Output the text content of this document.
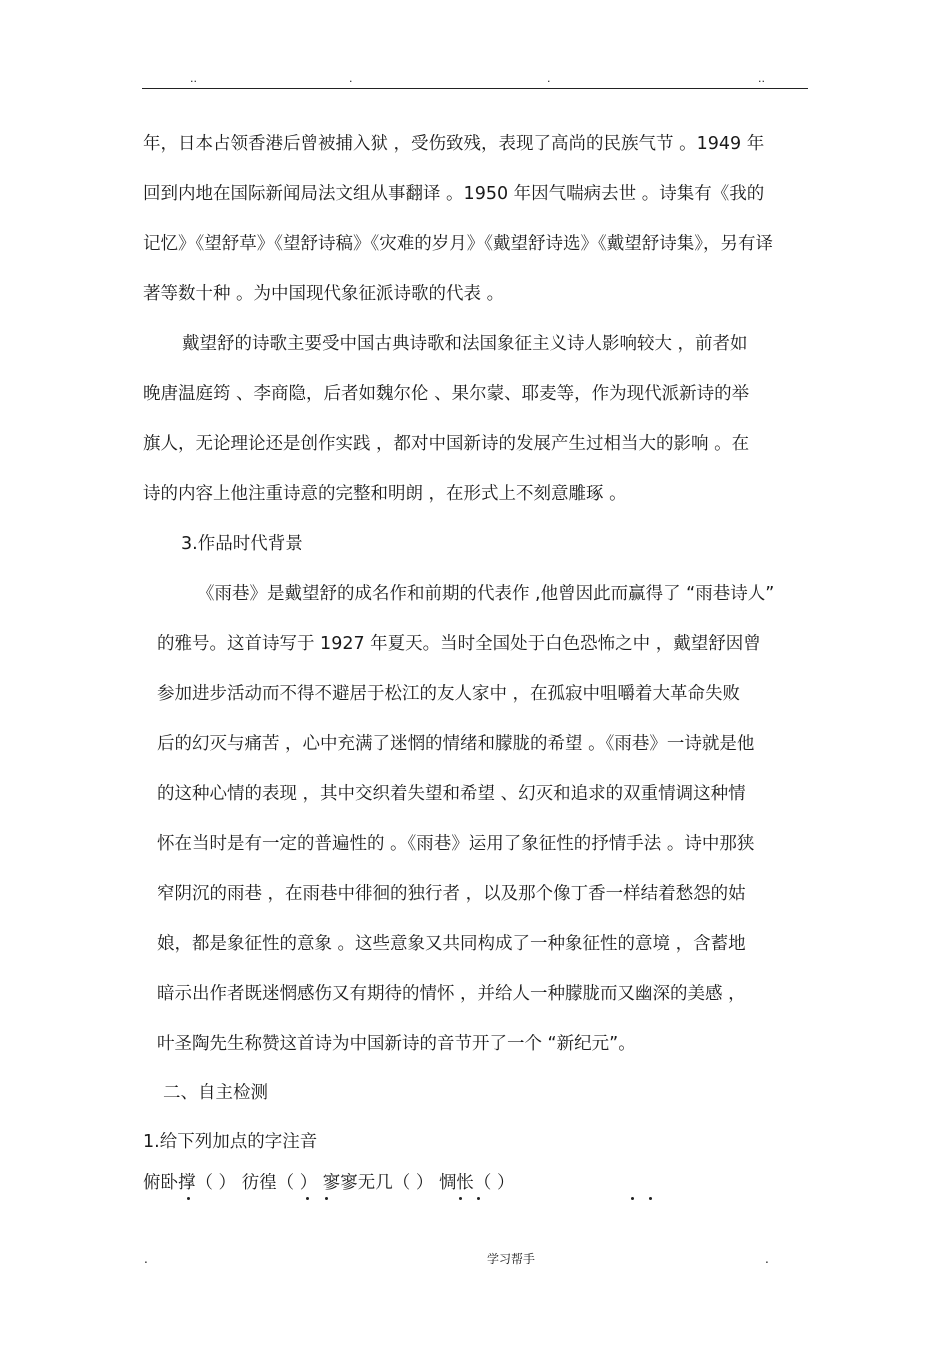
..	.	.	..
年，日本占领香港后曾被捕入狱 ，受伤致残，表现了高尚的民族气节 。1949 年
回到内地在国际新闻局法文组从事翻译 。1950 年因气喘病去世 。诗集有《我的
记忆》《望舒草》《望舒诗稿》《灾难的岁月》《戴望舒诗选》《戴望舒诗集》，另有译
著等数十种 。为中国现代象征派诗歌的代表 。
戴望舒的诗歌主要受中国古典诗歌和法国象征主义诗人影响较大 ，前者如
晚唐温庭筠 、李商隐，后者如魏尔伦 、果尔蒙、耶麦等，作为现代派新诗的举
旗人，无论理论还是创作实践 ，都对中国新诗的发展产生过相当大的影响 。在
诗的内容上他注重诗意的完整和明朗 ，在形式上不刻意雕琢 。
3.作品时代背景
《雨巷》是戴望舒的成名作和前期的代表作 ,他曾因此而赢得了 “雨巷诗人”
的雅号。这首诗写于 1927 年夏天。当时全国处于白色恐怖之中 ，戴望舒因曾
参加进步活动而不得不避居于松江的友人家中 ，在孤寂中咀嚼着大革命失败
后的幻灭与痛苦 ，心中充满了迷惘的情绪和朦胧的希望 。《雨巷》一诗就是他
的这种心情的表现 ，其中交织着失望和希望 、幻灭和追求的双重情调这种情
怀在当时是有一定的普遍性的 。《雨巷》运用了象征性的抒情手法 。诗中那狭
窄阴沉的雨巷 ，在雨巷中徘徊的独行者 ，以及那个像丁香一样结着愁怨的姑
娘，都是象征性的意象 。这些意象又共同构成了一种象征性的意境 ，含蓄地
暗示出作者既迷惘感伤又有期待的情怀 ，并给人一种朦胧而又幽深的美感 ，
叶圣陶先生称赞这首诗为中国新诗的音节开了一个 “新纪元”。
二、自主检测
1.给下列加点的字注音
俯卧撑（ ） 彷徨（ ） 寥寥无几（ ） 惆怅（ ）
.	学习帮手	.
